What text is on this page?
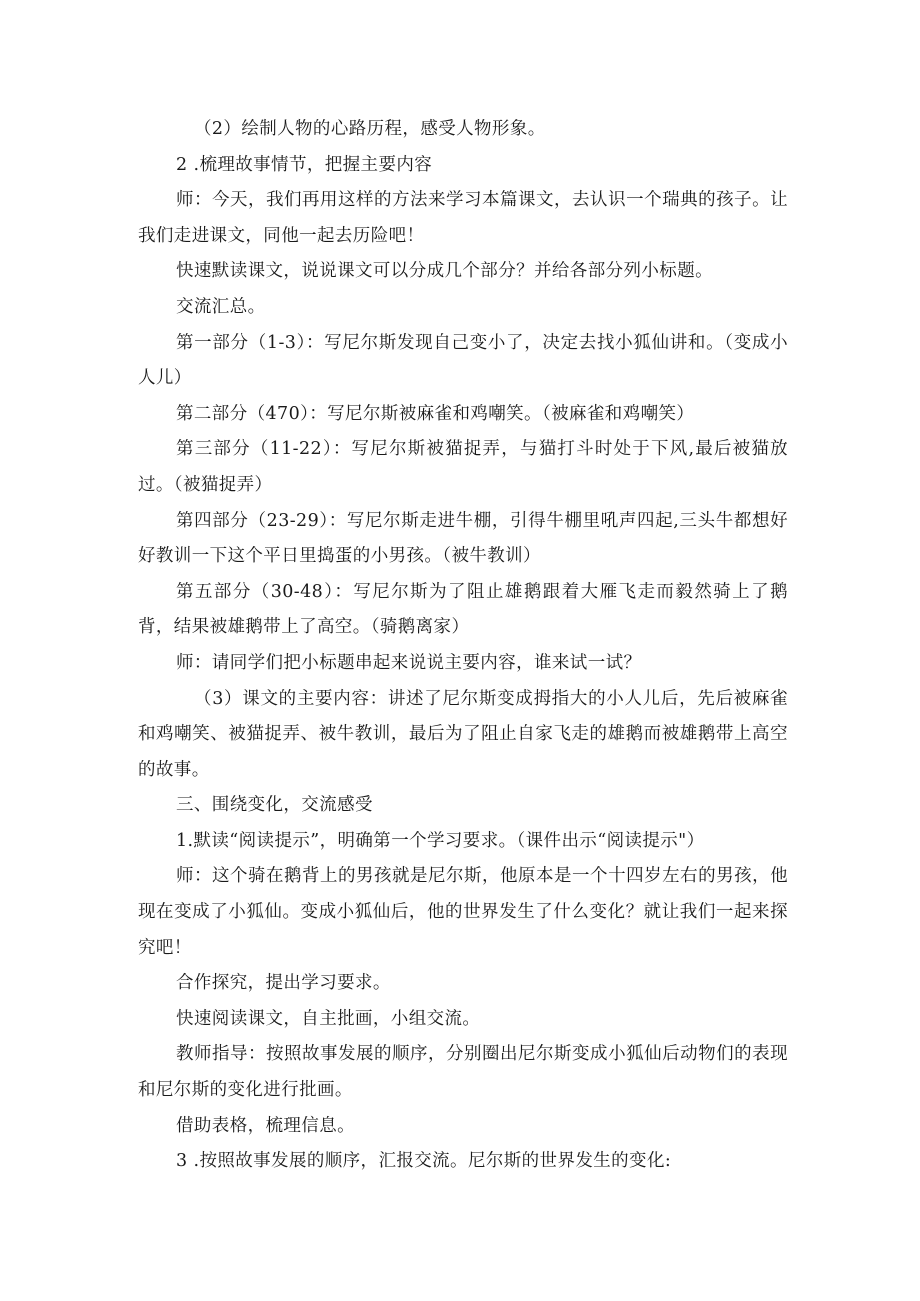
（2）绘制人物的心路历程，感受人物形象。

2 .梳理故事情节，把握主要内容

师：今天，我们再用这样的方法来学习本篇课文，去认识一个瑞典的孩子。让我们走进课文，同他一起去历险吧！

快速默读课文，说说课文可以分成几个部分？并给各部分列小标题。

交流汇总。

第一部分（1-3）：写尼尔斯发现自己变小了，决定去找小狐仙讲和。（变成小人儿）

第二部分（470）：写尼尔斯被麻雀和鸡嘲笑。（被麻雀和鸡嘲笑）

第三部分（11-22）：写尼尔斯被猫捉弄，与猫打斗时处于下风,最后被猫放过。（被猫捉弄）

第四部分（23-29）：写尼尔斯走进牛棚，引得牛棚里吼声四起,三头牛都想好好教训一下这个平日里捣蛋的小男孩。（被牛教训）

第五部分（30-48）：写尼尔斯为了阻止雄鹅跟着大雁飞走而毅然骑上了鹅背，结果被雄鹅带上了高空。（骑鹅离家）

师：请同学们把小标题串起来说说主要内容，谁来试一试？

（3）课文的主要内容：讲述了尼尔斯变成拇指大的小人儿后，先后被麻雀和鸡嘲笑、被猫捉弄、被牛教训，最后为了阻止自家飞走的雄鹅而被雄鹅带上高空的故事。

三、围绕变化，交流感受

1.默读“阅读提示”，明确第一个学习要求。（课件出示“阅读提示"）

师：这个骑在鹅背上的男孩就是尼尔斯，他原本是一个十四岁左右的男孩，他现在变成了小狐仙。变成小狐仙后，他的世界发生了什么变化？就让我们一起来探究吧！

合作探究，提出学习要求。

快速阅读课文，自主批画，小组交流。

教师指导：按照故事发展的顺序，分别圈出尼尔斯变成小狐仙后动物们的表现和尼尔斯的变化进行批画。

借助表格，梳理信息。

3 .按照故事发展的顺序，汇报交流。尼尔斯的世界发生的变化:
